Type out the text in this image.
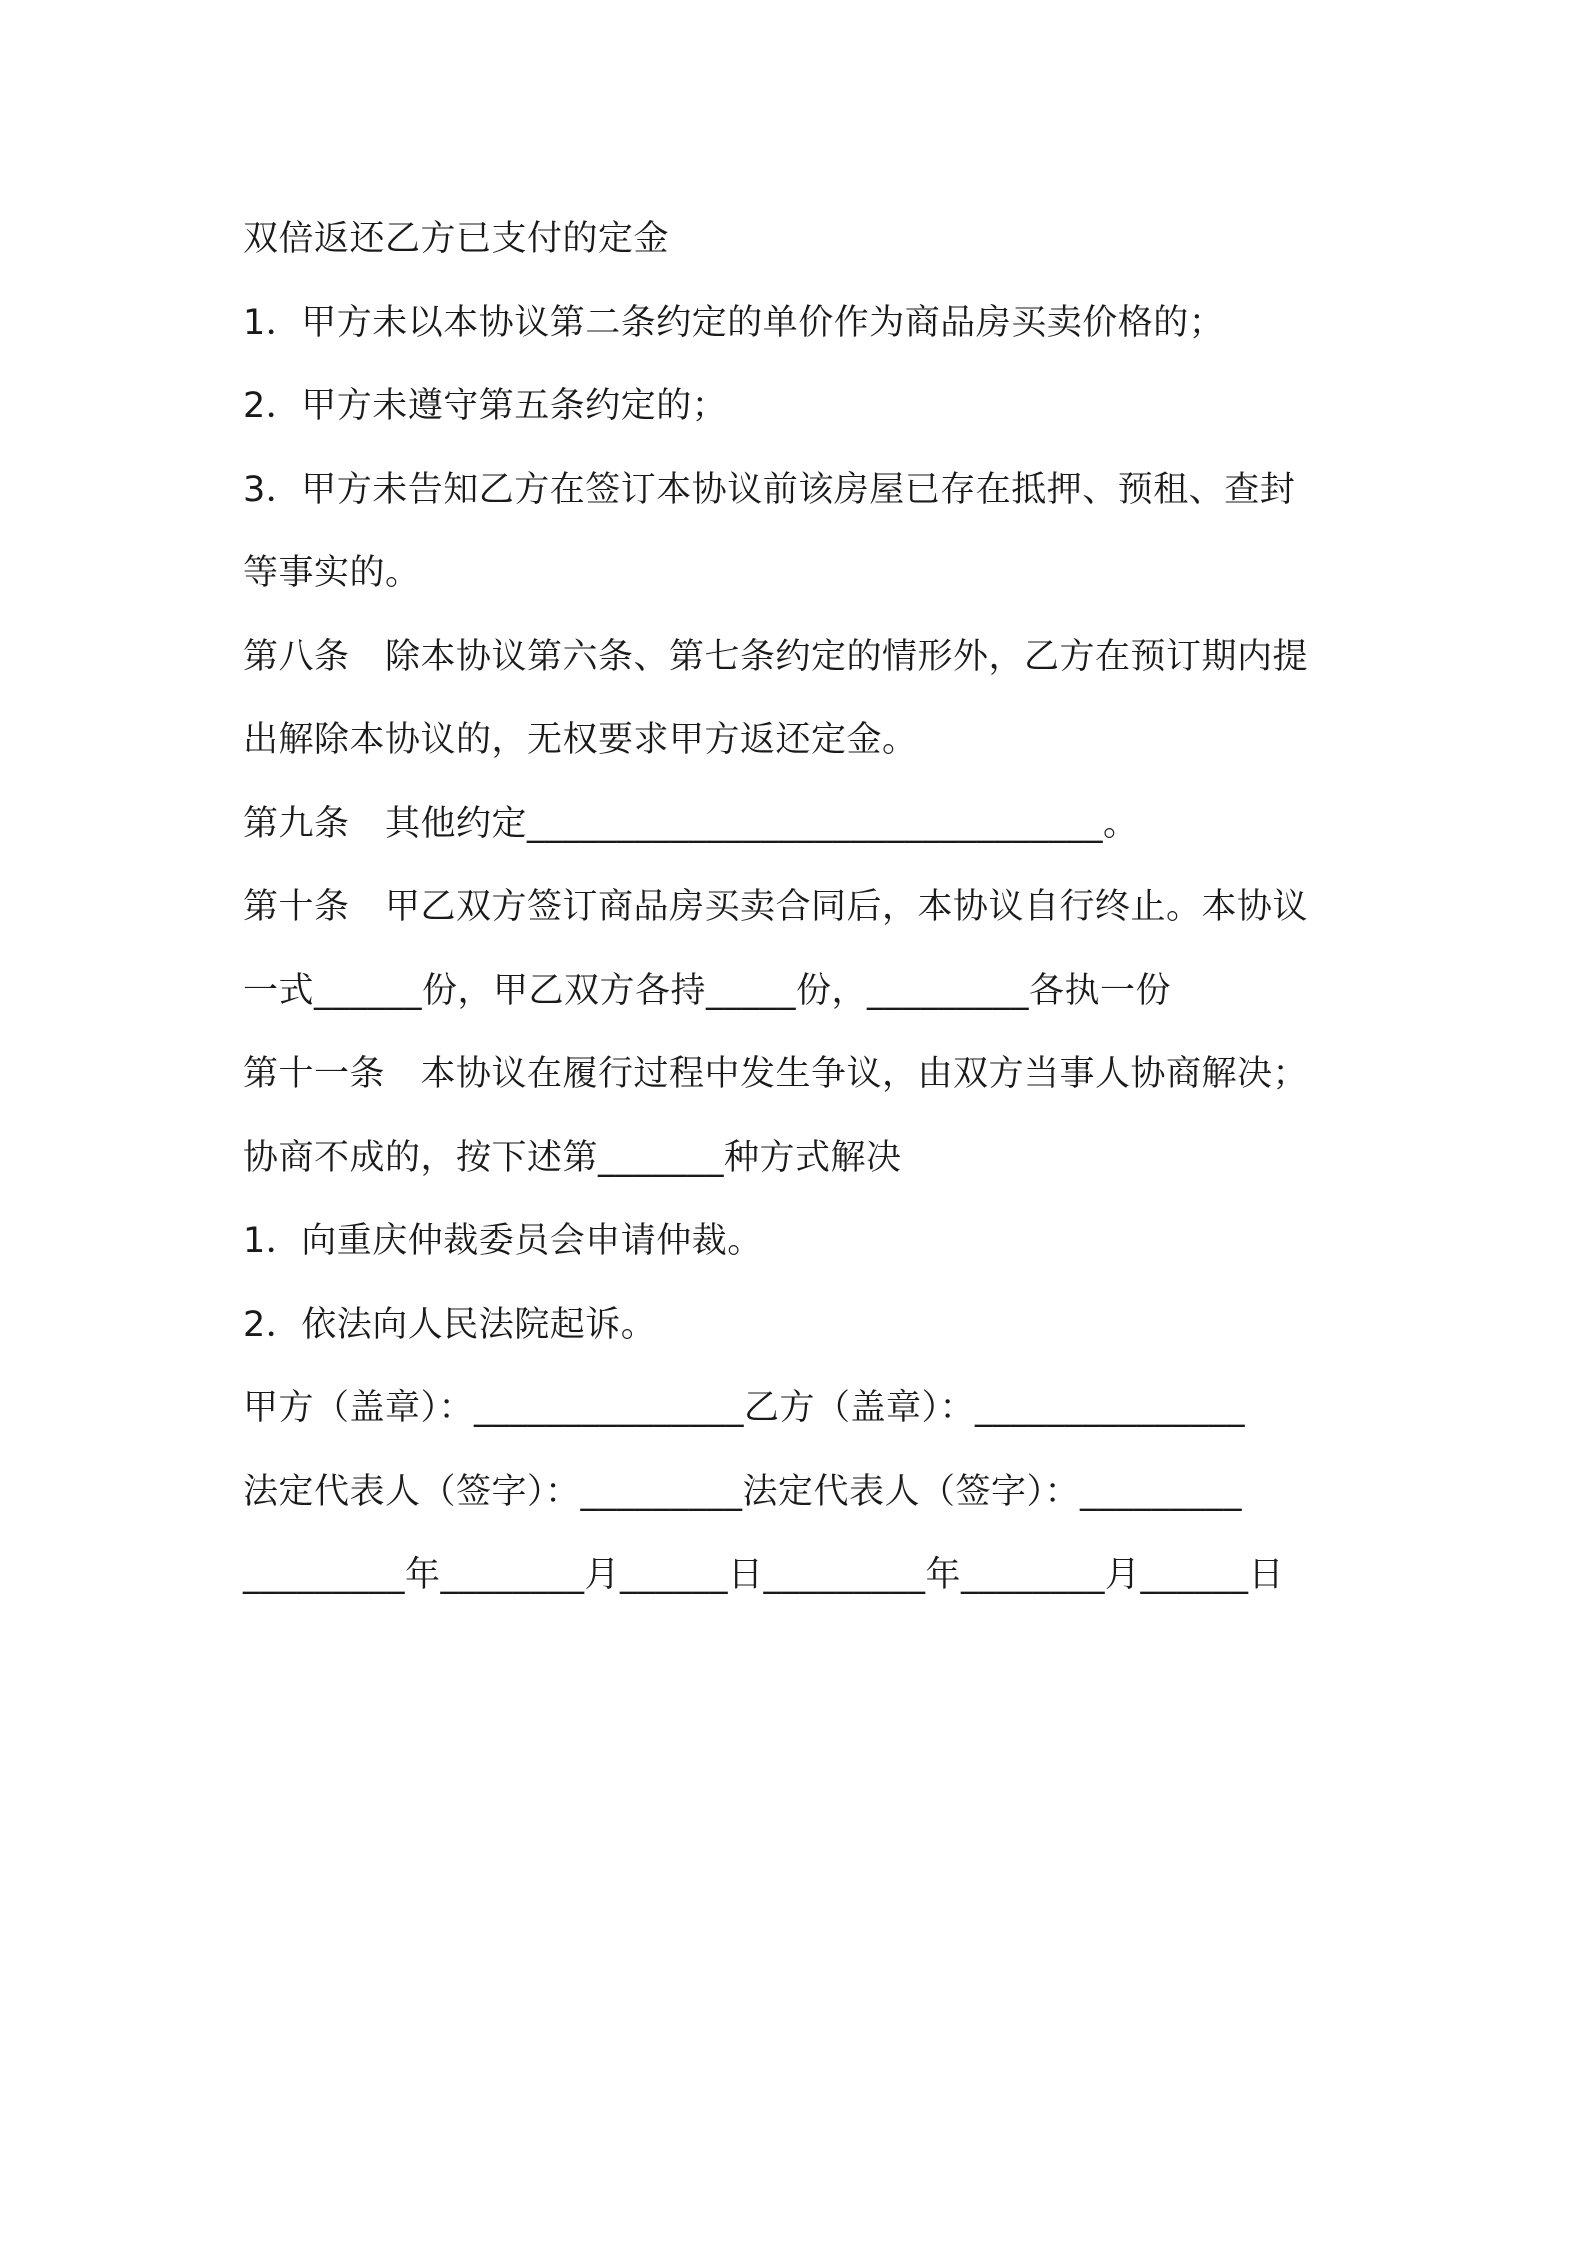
双倍返还乙方已支付的定金
1．甲方未以本协议第二条约定的单价作为商品房买卖价格的；
2．甲方未遵守第五条约定的；
3．甲方未告知乙方在签订本协议前该房屋已存在抵押、预租、查封
等事实的。
第八条　除本协议第六条、第七条约定的情形外，乙方在预订期内提
出解除本协议的，无权要求甲方返还定金。
第九条　其他约定________________________________。
第十条　甲乙双方签订商品房买卖合同后，本协议自行终止。本协议
一式______份，甲乙双方各持_____份，_________各执一份
第十一条　本协议在履行过程中发生争议，由双方当事人协商解决；
协商不成的，按下述第_______种方式解决
1．向重庆仲裁委员会申请仲裁。
2．依法向人民法院起诉。
甲方（盖章）：_______________乙方（盖章）：_______________
法定代表人（签字）：_________法定代表人（签字）：_________
_________年________月______日_________年________月______日
